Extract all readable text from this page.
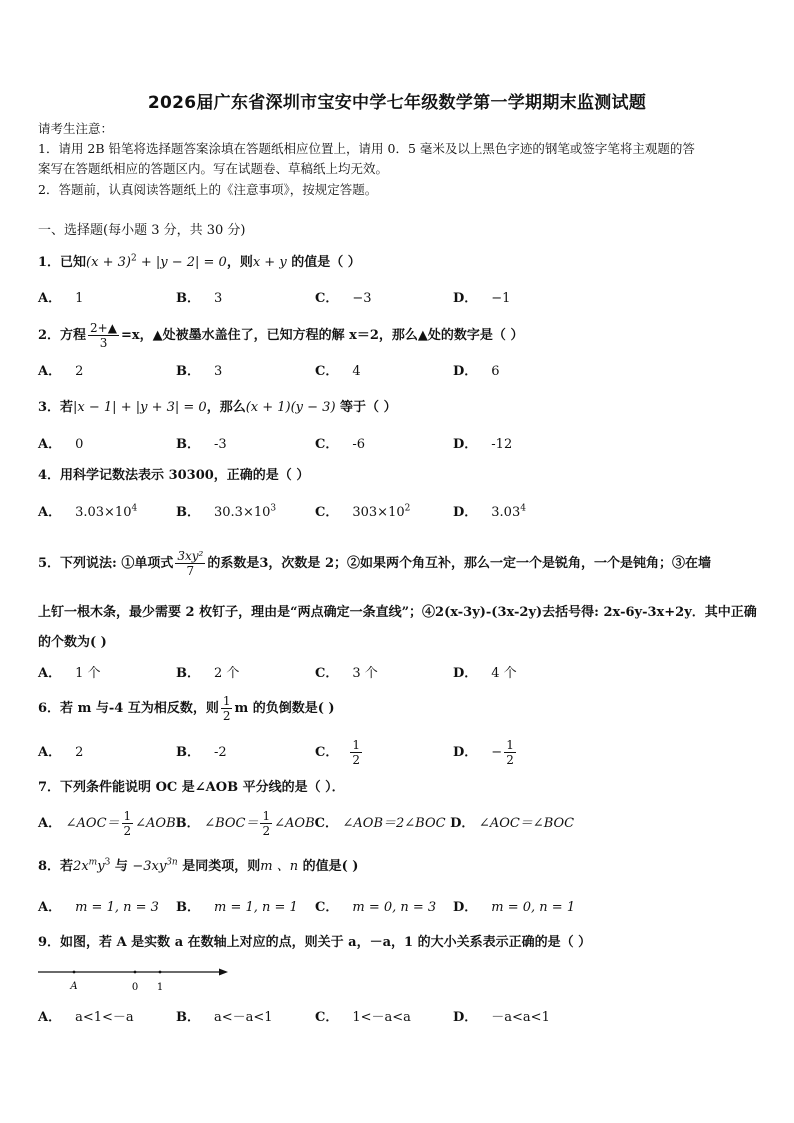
2026届广东省深圳市宝安中学七年级数学第一学期期末监测试题
请考生注意：
1．请用 2B 铅笔将选择题答案涂填在答题纸相应位置上，请用 0．5 毫米及以上黑色字迹的钢笔或签字笔将主观题的答
案写在答题纸相应的答题区内。写在试题卷、草稿纸上均无效。
2．答题前，认真阅读答题纸上的《注意事项》，按规定答题。
一、选择题(每小题 3 分，共 30 分)
1．已知$(x + 3)^2 + |y - 2| = 0$，则x + y 的值是（ ）
A． 1	B． 3	C． −3	D． −1
2．方程 $\frac{2+▲}{3} =x$，▲处被墨水盖住了，已知方程的解 x＝2，那么▲处的数字是（ ）
A． 2	B． 3	C． 4	D． 6
3．若|x − 1| + |y + 3| = 0，那么(x + 1)(y − 3) 等于（ ）
A． 0	B． -3	C． -6	D． -12
4．用科学记数法表示 30300，正确的是（ ）
A． $3.03\times 10^4$	B． $30.3\times 10^3$	C． $303\times 10^2$	D． 3.03$^4$
5．下列说法: ①单项式 $\frac{\text{3xy²}}{7}$ 的系数是3，次数是 2；②如果两个角互补，那么一定一个是锐角，一个是钝角；③在墙
上钉一根木条，最少需要 2 枚钉子，理由是“两点确定一条直线”；④2(x-3y)-(3x-2y)去括号得: 2x-6y-3x+2y．其中正确
的个数为( )
A． 1 个	B． 2 个	C． 3 个	D． 4 个
6．若 m 与-4 互为相反数，则 $\frac{1}{2}$ m 的负倒数是( )
A． 2	B． -2	C． $\frac{1}{2}$	D． − $\frac{1}{2}$
7．下列条件能说明 OC 是∠AOB 平分线的是（ ）．
A． ∠AOC＝ $\frac{1}{2}$ ∠AOBB． ∠BOC＝ $\frac{1}{2}$ ∠AOBC． ∠AOB＝2∠BOC D． ∠AOC＝∠BOC
8．若$2x^my^3$ 与 $-3xy^{3n}$ 是同类项，则m 、n 的值是( )
A． m = 1, n = 3 B． m = 1, n = 1 C． m = 0, n = 3 D． m = 0, n = 1
9．如图，若 A 是实数 a 在数轴上对应的点，则关于 a，－a，1 的大小关系表示正确的是（ ）
A	0 1
A． a<1<－a	B． a<－a<1	C． 1<－a<a	D． －a<a<1
